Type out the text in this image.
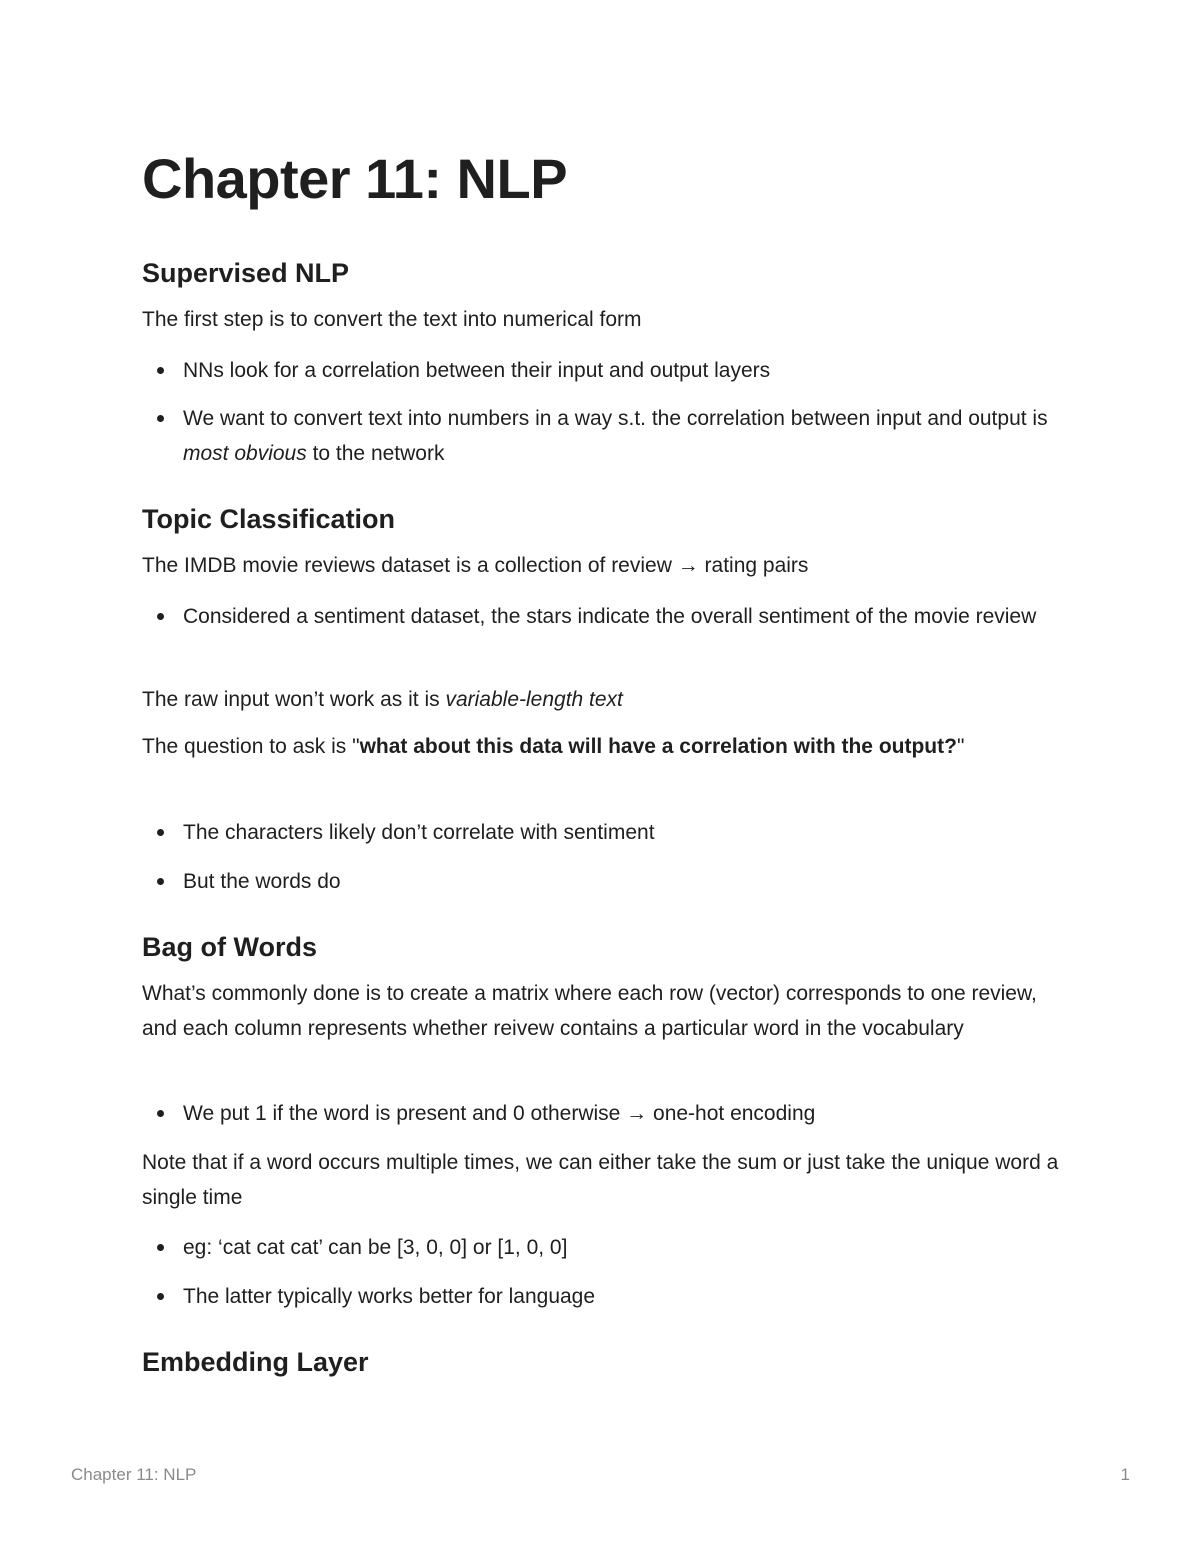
Chapter 11: NLP
Supervised NLP

The first step is to convert the text into numerical form

NNs look for a correlation between their input and output layers

We want to convert text into numbers in a way s.t. the correlation between input and output is most obvious to the network

Topic Classification

The IMDB movie reviews dataset is a collection of review → rating pairs

Considered a sentiment dataset, the stars indicate the overall sentiment of the movie review

The raw input won’t work as it is variable-length text

The question to ask is "what about this data will have a correlation with the output?"

The characters likely don’t correlate with sentiment

But the words do

Bag of Words

What’s commonly done is to create a matrix where each row (vector) corresponds to one review, and each column represents whether reivew contains a particular word in the vocabulary

We put 1 if the word is present and 0 otherwise → one-hot encoding

Note that if a word occurs multiple times, we can either take the sum or just take the unique word a single time

eg: ‘cat cat cat’ can be [3, 0, 0] or [1, 0, 0]

The latter typically works better for language

Embedding Layer
Chapter 11: NLP	1
